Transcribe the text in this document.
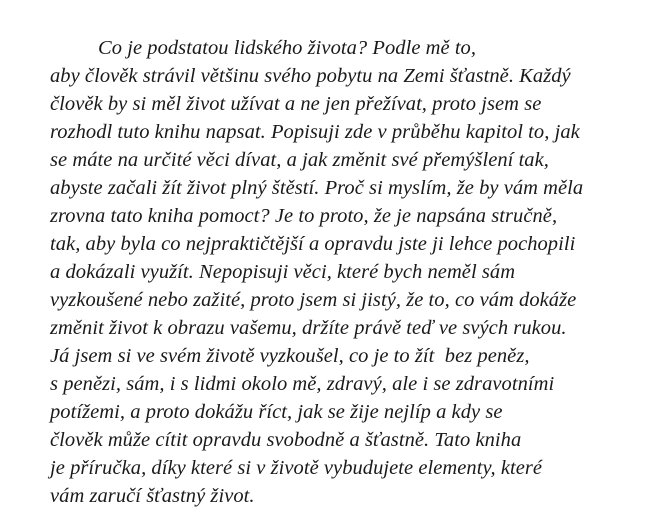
Co je podstatou lidského života? Podle mě to,
aby člověk strávil většinu svého pobytu na Zemi šťastně. Každý
člověk by si měl život užívat a ne jen přežívat, proto jsem se
rozhodl tuto knihu napsat. Popisuji zde v průběhu kapitol to, jak
se máte na určité věci dívat, a jak změnit své přemýšlení tak,
abyste začali žít život plný štěstí. Proč si myslím, že by vám měla
zrovna tato kniha pomoct? Je to proto, že je napsána stručně,
tak, aby byla co nejpraktičtější a opravdu jste ji lehce pochopili
a dokázali využít. Nepopisuji věci, které bych neměl sám
vyzkoušené nebo zažité, proto jsem si jistý, že to, co vám dokáže
změnit život k obrazu vašemu, držíte právě teď ve svých rukou.
Já jsem si ve svém životě vyzkoušel, co je to žít  bez peněz,
s penězi, sám, i s lidmi okolo mě, zdravý, ale i se zdravotními
potížemi, a proto dokážu říct, jak se žije nejlíp a kdy se
člověk může cítit opravdu svobodně a šťastně. Tato kniha
je příručka, díky které si v životě vybudujete elementy, které
vám zaručí šťastný život.
